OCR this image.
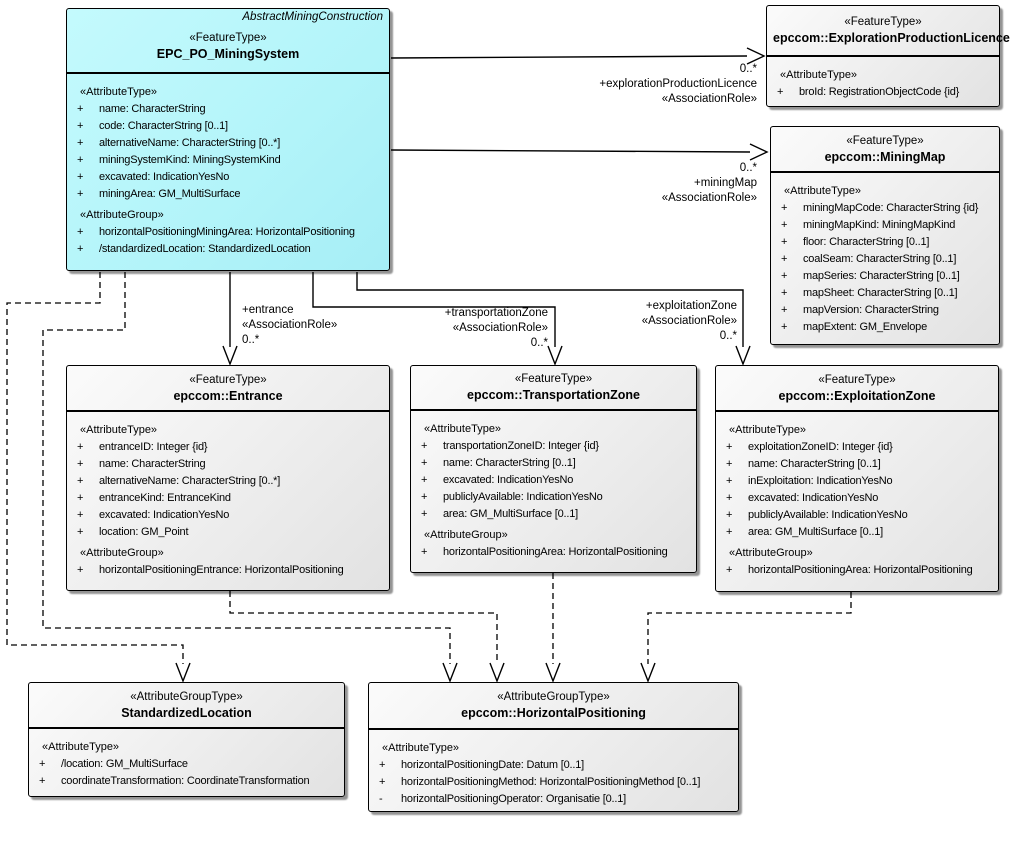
AbstractMiningConstruction
«FeatureType»
EPC_PO_MiningSystem
«AttributeType»
+	name: CharacterString
+	code: CharacterString [0..1]
+	alternativeName: CharacterString [0..*]
+	miningSystemKind: MiningSystemKind
+	excavated: IndicationYesNo
+	miningArea: GM_MultiSurface
«AttributeGroup»
+	horizontalPositioningMiningArea: HorizontalPositioning
+	/standardizedLocation: StandardizedLocation
«FeatureType»
epccom::ExplorationProductionLicence
«AttributeType»
+	broId: RegistrationObjectCode {id}
«FeatureType»
epccom::MiningMap
«AttributeType»
+	miningMapCode: CharacterString {id}
+	miningMapKind: MiningMapKind
+	floor: CharacterString [0..1]
+	coalSeam: CharacterString [0..1]
+	mapSeries: CharacterString [0..1]
+	mapSheet: CharacterString [0..1]
+	mapVersion: CharacterString
+	mapExtent: GM_Envelope
«FeatureType»
epccom::Entrance
«AttributeType»
+	entranceID: Integer {id}
+	name: CharacterString
+	alternativeName: CharacterString [0..*]
+	entranceKind: EntranceKind
+	excavated: IndicationYesNo
+	location: GM_Point
«AttributeGroup»
+	horizontalPositioningEntrance: HorizontalPositioning
«FeatureType»
epccom::TransportationZone
«AttributeType»
+	transportationZoneID: Integer {id}
+	name: CharacterString [0..1]
+	excavated: IndicationYesNo
+	publiclyAvailable: IndicationYesNo
+	area: GM_MultiSurface [0..1]
«AttributeGroup»
+	horizontalPositioningArea: HorizontalPositioning
«FeatureType»
epccom::ExploitationZone
«AttributeType»
+	exploitationZoneID: Integer {id}
+	name: CharacterString [0..1]
+	inExploitation: IndicationYesNo
+	excavated: IndicationYesNo
+	publiclyAvailable: IndicationYesNo
+	area: GM_MultiSurface [0..1]
«AttributeGroup»
+	horizontalPositioningArea: HorizontalPositioning
«AttributeGroupType»
StandardizedLocation
«AttributeType»
+	/location: GM_MultiSurface
+	coordinateTransformation: CoordinateTransformation
«AttributeGroupType»
epccom::HorizontalPositioning
«AttributeType»
+	horizontalPositioningDate: Datum [0..1]
+	horizontalPositioningMethod: HorizontalPositioningMethod [0..1]
-	horizontalPositioningOperator: Organisatie [0..1]
0..*
+explorationProductionLicence
«AssociationRole»
0..*
+miningMap
«AssociationRole»
+entrance
«AssociationRole»
0..*
+transportationZone
«AssociationRole»
0..*
+exploitationZone
«AssociationRole»
0..*
